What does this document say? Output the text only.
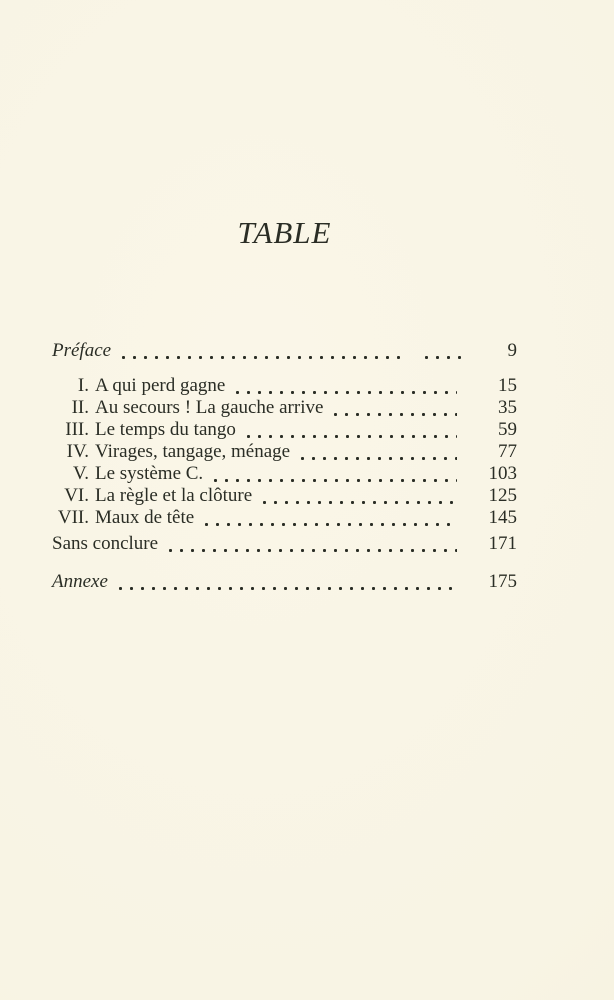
TABLE
Préface	9
I. A qui perd gagne	15
II. Au secours ! La gauche arrive	35
III. Le temps du tango	59
IV. Virages, tangage, ménage	77
V. Le système C.	103
VI. La règle et la clôture	125
VII. Maux de tête	145
Sans conclure	171
Annexe	175
